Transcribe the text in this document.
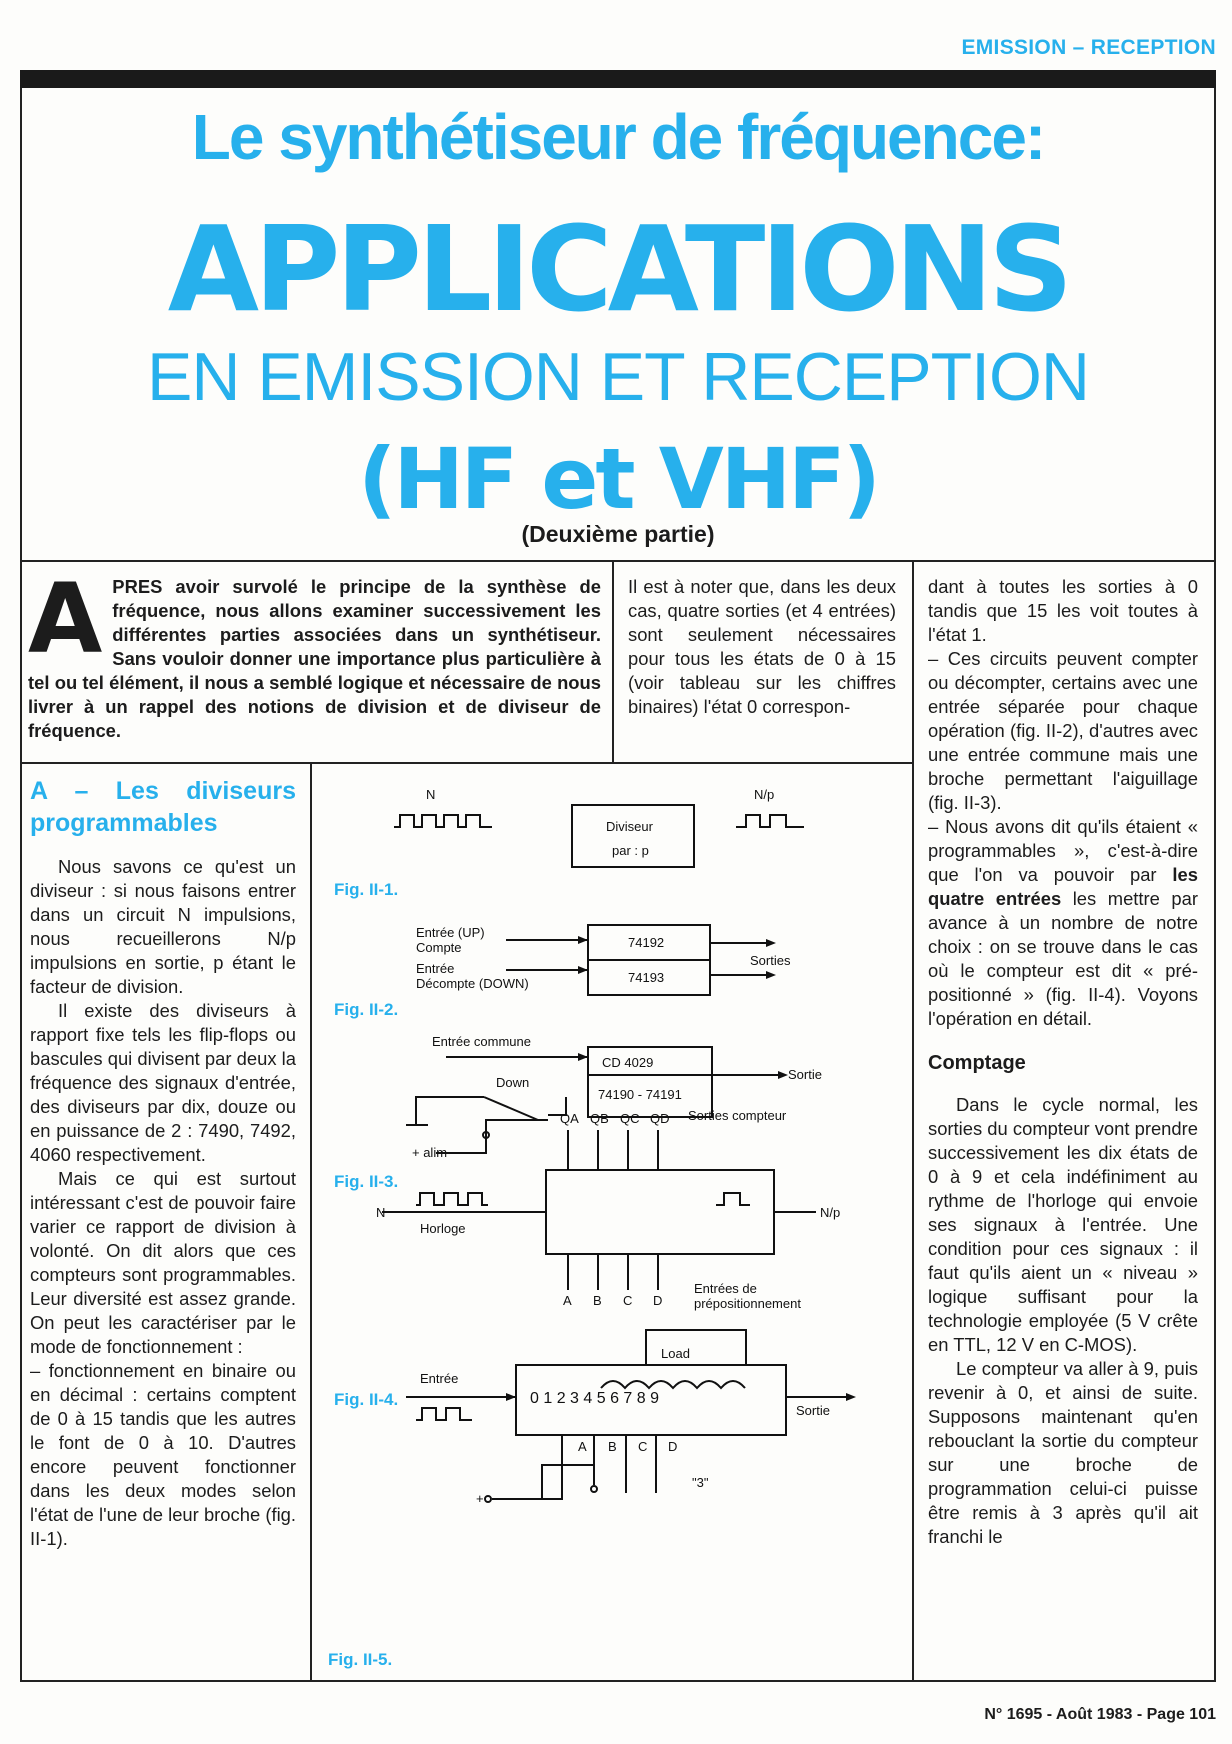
EMISSION – RECEPTION
Le synthétiseur de fréquence:
APPLICATIONS
EN EMISSION ET RECEPTION
(HF et VHF)
(Deuxième partie)
APRES avoir survolé le principe de la synthèse de fréquence, nous allons examiner successivement les différentes parties associées dans un synthétiseur. Sans vouloir donner une importance plus particulière à tel ou tel élément, il nous a semblé logique et nécessaire de nous livrer à un rappel des notions de division et de diviseur de fréquence.
Il est à noter que, dans les deux cas, quatre sorties (et 4 entrées) sont seulement nécessaires pour tous les états de 0 à 15 (voir tableau sur les chiffres binaires) l'état 0 correspon-
A – Les diviseurs programmables

Nous savons ce qu'est un diviseur : si nous faisons entrer dans un circuit N impulsions, nous recueillerons N/p impulsions en sortie, p étant le facteur de division.

Il existe des diviseurs à rapport fixe tels les flip-flops ou bascules qui divisent par deux la fréquence des signaux d'entrée, des diviseurs par dix, douze ou en puissance de 2 : 7490, 7492, 4060 respectivement.

Mais ce qui est surtout intéressant c'est de pouvoir faire varier ce rapport de division à volonté. On dit alors que ces compteurs sont programmables. Leur diversité est assez grande. On peut les caractériser par le mode de fonctionnement :

– fonctionnement en binaire ou en décimal : certains comptent de 0 à 15 tandis que les autres le font de 0 à 10. D'autres encore peuvent fonctionner dans les deux modes selon l'état de l'une de leur broche (fig. II-1).

dant à toutes les sorties à 0 tandis que 15 les voit toutes à l'état 1.

– Ces circuits peuvent compter ou décompter, certains avec une entrée séparée pour chaque opération (fig. II-2), d'autres avec une entrée commune mais une broche permettant l'aiguillage (fig. II-3).

– Nous avons dit qu'ils étaient « programmables », c'est-à-dire que l'on va pouvoir par les quatre entrées les mettre par avance à un nombre de notre choix : on se trouve dans le cas où le compteur est dit « pré-positionné » (fig. II-4). Voyons l'opération en détail.

Comptage

Dans le cycle normal, les sorties du compteur vont prendre successivement les dix états de 0 à 9 et cela indéfiniment au rythme de l'horloge qui envoie ses signaux à l'entrée. Une condition pour ces signaux : il faut qu'ils aient un « niveau » logique suffisant pour la technologie employée (5 V crête en TTL, 12 V en C-MOS).

Le compteur va aller à 9, puis revenir à 0, et ainsi de suite. Supposons maintenant qu'en rebouclant la sortie du compteur sur une broche de programmation celui-ci puisse être remis à 3 après qu'il ait franchi le

Fig. II-1.
N	N/p
Diviseur
par : p
Fig. II-2.
Entrée (UP)
Compte
Entrée
Décompte (DOWN)
74192
74193
Sorties
Fig. II-3.
Entrée commune
CD 4029
74190 - 74191
Down
+ alim
Sortie
Fig. II-4.
N
Horloge
N/p
QA QB QC QD Sorties compteur
A B C D
Entrées de
prépositionnement
Fig. II-5.
Entrée
Load
0 1 2 3 4 5 6 7 8 9
Sortie
A B C D
"3"
+
N° 1695 - Août 1983 - Page 101
